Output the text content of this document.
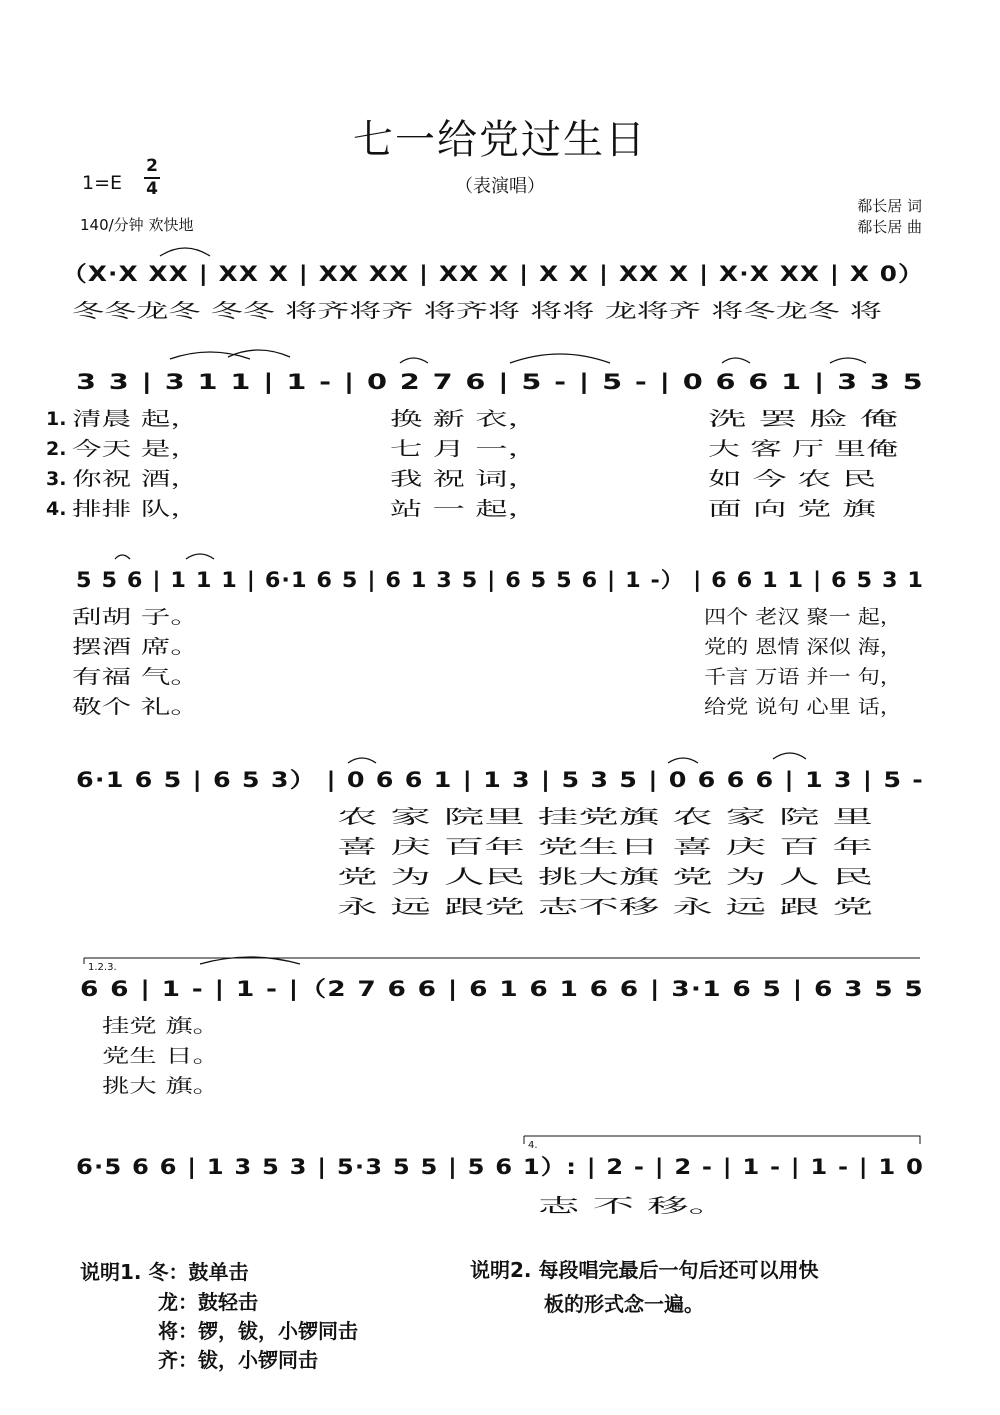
七一给党过生日
（表演唱）
1=E
2
4
140/分钟 欢快地
郗长居 词
郗长居 曲
（X·X XX | XX X | XX XX | XX X | X X | XX X | X·X XX | X 0）
冬冬龙冬 冬冬 将齐将齐 将齐将 将将 龙将齐 将冬龙冬 将
3 3 | 3 1 1 | 1 - | 0 2 7 6 | 5 - | 5 - | 0 6 6 1 | 3 3 5
1. 清晨 起，	换 新 衣，	洗 罢 脸 俺
2. 今天 是，	七 月 一，	大 客 厅 里俺
3. 你祝 酒，	我 祝 词，	如 今 农 民
4. 排排 队，	站 一 起，	面 向 党 旗
5 5 6 | 1 1 1 | 6·1 6 5 | 6 1 3 5 | 6 5 5 6 | 1 -） | 6 6 1 1 | 6 5 3 1
刮胡 子。	四个 老汉 聚一 起，
摆酒 席。	党的 恩情 深似 海，
有福 气。	千言 万语 并一 句，
敬个 礼。	给党 说句 心里 话，
6·1 6 5 | 6 5 3） | 0 6 6 1 | 1 3 | 5 3 5 | 0 6 6 6 | 1 3 | 5 -
农 家 院里 挂党旗 农 家 院 里
喜 庆 百年 党生日 喜 庆 百 年
党 为 人民 挑大旗 党 为 人 民
永 远 跟党 志不移 永 远 跟 党
1.2.3.
6 6 | 1 - | 1 - |（2 7 6 6 | 6 1 6 1 6 6 | 3·1 6 5 | 6 3 5 5
挂党 旗。
党生 日。
挑大 旗。
4.
6·5 6 6 | 1 3 5 3 | 5·3 5 5 | 5 6 1）: | 2 - | 2 - | 1 - | 1 - | 1 0
志 不 移。
说明1. 冬：鼓单击
龙：鼓轻击
将：锣，钹，小锣同击
齐：钹，小锣同击
说明2. 每段唱完最后一句后还可以用快
板的形式念一遍。
